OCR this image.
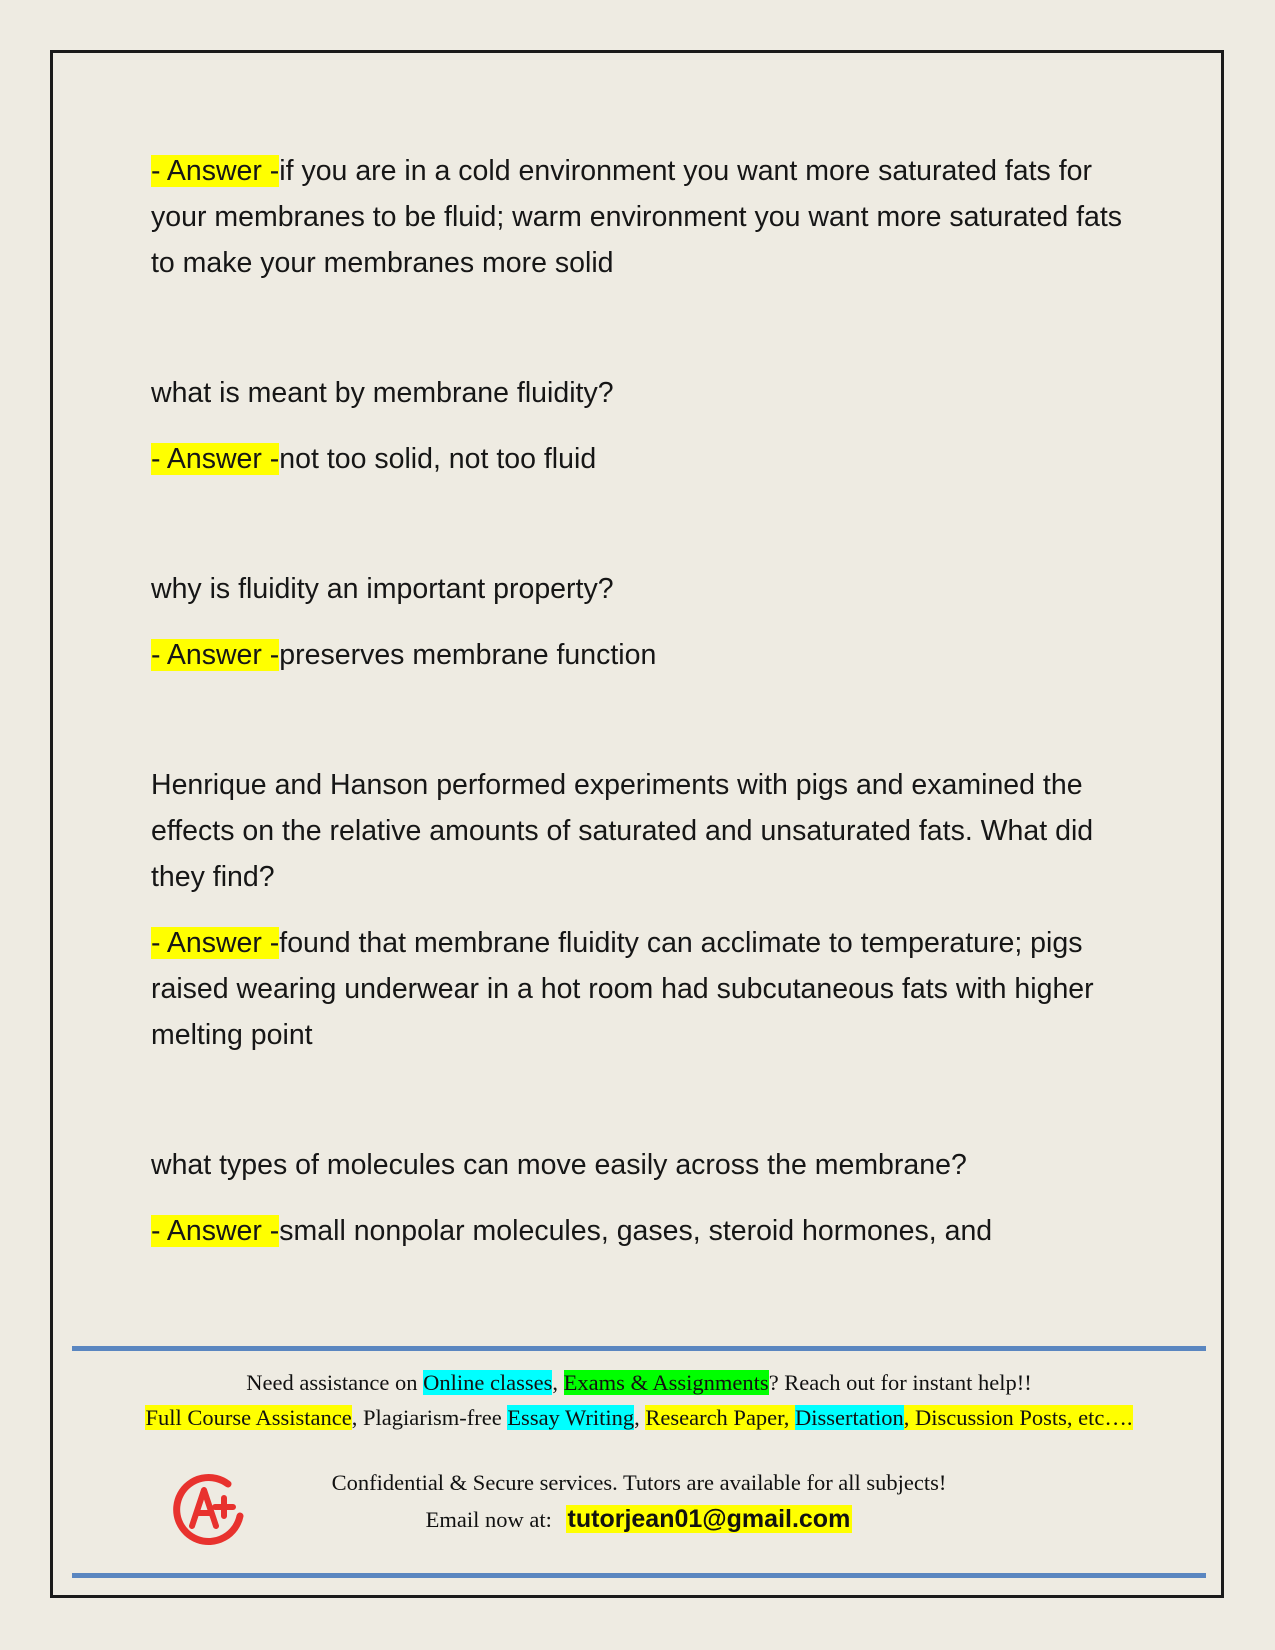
- Answer -if you are in a cold environment you want more saturated fats for your membranes to be fluid; warm environment you want more saturated fats to make your membranes more solid

what is meant by membrane fluidity?

- Answer -not too solid, not too fluid

why is fluidity an important property?

- Answer -preserves membrane function

Henrique and Hanson performed experiments with pigs and examined the effects on the relative amounts of saturated and unsaturated fats. What did they find?

- Answer -found that membrane fluidity can acclimate to temperature; pigs raised wearing underwear in a hot room had subcutaneous fats with higher melting point

what types of molecules can move easily across the membrane?

- Answer -small nonpolar molecules, gases, steroid hormones, and

Need assistance on Online classes, Exams & Assignments? Reach out for instant help!!
Full Course Assistance, Plagiarism-free Essay Writing, Research Paper, Dissertation, Discussion Posts, etc….
Confidential & Secure services. Tutors are available for all subjects!
Email now at: tutorjean01@gmail.com
